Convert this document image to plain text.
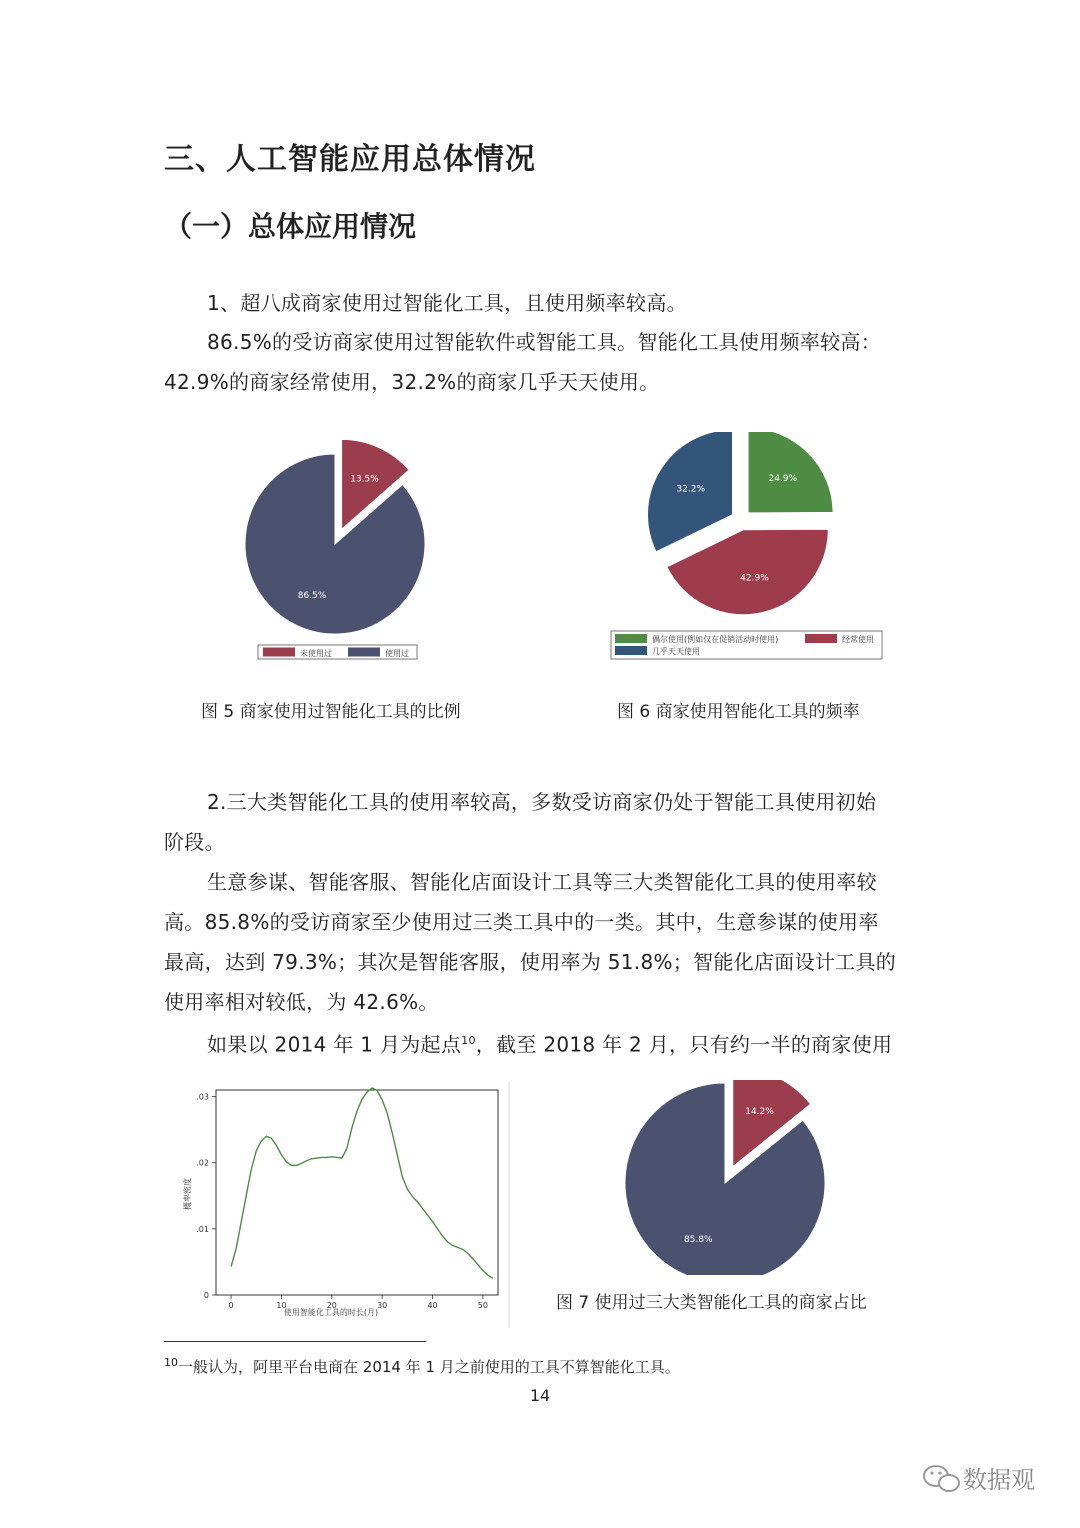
三、人工智能应用总体情况
（一）总体应用情况

1、超八成商家使用过智能化工具，且使用频率较高。

86.5%的受访商家使用过智能软件或智能工具。智能化工具使用频率较高：
42.9%的商家经常使用，32.2%的商家几乎天天使用。

13.5%
86.5%
未使用过	使用过
图 5 商家使用过智能化工具的比例
24.9%
42.9%
32.2%
偶尔使用(例如仅在促销活动时使用)	经常使用
几乎天天使用
图 6 商家使用智能化工具的频率

2.三大类智能化工具的使用率较高，多数受访商家仍处于智能工具使用初始
阶段。

生意参谋、智能客服、智能化店面设计工具等三大类智能化工具的使用率较
高。85.8%的受访商家至少使用过三类工具中的一类。其中，生意参谋的使用率
最高，达到 79.3%；其次是智能客服，使用率为 51.8%；智能化店面设计工具的
使用率相对较低，为 42.6%。

如果以 2014 年 1 月为起点$^{10}$，截至 2018 年 2 月，只有约一半的商家使用

0	10	20	30	40	50
0
.01
.02
.03
使用智能化工具的时长(月)
概率密度
14.2%
85.8%
图 7 使用过三大类智能化工具的商家占比
$^{10}$一般认为，阿里平台电商在 2014 年 1 月之前使用的工具不算智能化工具。
14
数据观
